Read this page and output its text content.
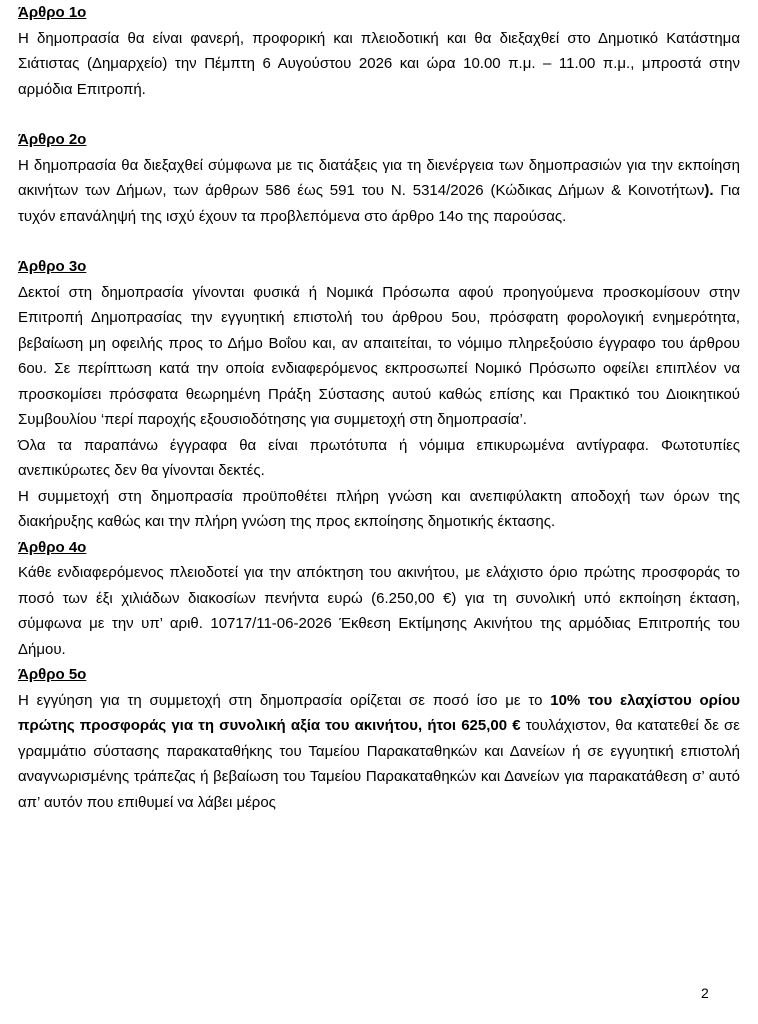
Άρθρο 1ο

Η δημοπρασία θα είναι φανερή, προφορική και πλειοδοτική και θα διεξαχθεί στο Δημοτικό Κατάστημα Σιάτιστας (Δημαρχείο) την Πέμπτη 6 Αυγούστου 2026 και ώρα 10.00 π.μ. – 11.00 π.μ., μπροστά στην αρμόδια Επιτροπή.

Άρθρο 2ο

Η δημοπρασία θα διεξαχθεί σύμφωνα με τις διατάξεις για τη διενέργεια των δημοπρασιών για την εκποίηση ακινήτων των Δήμων, των άρθρων 586 έως 591 του Ν. 5314/2026 (Κώδικας Δήμων & Κοινοτήτων). Για τυχόν επανάληψή της ισχύ έχουν τα προβλεπόμενα στο άρθρο 14ο της παρούσας.

Άρθρο 3ο

Δεκτοί στη δημοπρασία γίνονται φυσικά ή Νομικά Πρόσωπα αφού προηγούμενα προσκομίσουν στην Επιτροπή Δημοπρασίας την εγγυητική επιστολή του άρθρου 5ου, πρόσφατη φορολογική ενημερότητα, βεβαίωση μη οφειλής προς το Δήμο Βοΐου και, αν απαιτείται, το νόμιμο πληρεξούσιο έγγραφο του άρθρου 6ου. Σε περίπτωση κατά την οποία ενδιαφερόμενος εκπροσωπεί Νομικό Πρόσωπο οφείλει επιπλέον να προσκομίσει πρόσφατα θεωρημένη Πράξη Σύστασης αυτού καθώς επίσης και Πρακτικό του Διοικητικού Συμβουλίου ‘περί παροχής εξουσιοδότησης για συμμετοχή στη δημοπρασία’.

Όλα τα παραπάνω έγγραφα θα είναι πρωτότυπα ή νόμιμα επικυρωμένα αντίγραφα. Φωτοτυπίες ανεπικύρωτες δεν θα γίνονται δεκτές.

Η συμμετοχή στη δημοπρασία προϋποθέτει πλήρη γνώση και ανεπιφύλακτη αποδοχή των όρων της διακήρυξης καθώς και την πλήρη γνώση της προς εκποίησης δημοτικής έκτασης.

Άρθρο 4ο

Κάθε ενδιαφερόμενος πλειοδοτεί για την απόκτηση του ακινήτου, με ελάχιστο όριο πρώτης προσφοράς το ποσό των έξι χιλιάδων διακοσίων πενήντα ευρώ (6.250,00 €) για τη συνολική υπό εκποίηση έκταση, σύμφωνα με την υπ’ αριθ. 10717/11-06-2026 Έκθεση Εκτίμησης Ακινήτου της αρμόδιας Επιτροπής του Δήμου.

Άρθρο 5ο

Η εγγύηση για τη συμμετοχή στη δημοπρασία ορίζεται σε ποσό ίσο με το 10% του ελαχίστου ορίου πρώτης προσφοράς για τη συνολική αξία του ακινήτου, ήτοι 625,00 € τουλάχιστον, θα κατατεθεί δε σε γραμμάτιο σύστασης παρακαταθήκης του Ταμείου Παρακαταθηκών και Δανείων ή σε εγγυητική επιστολή αναγνωρισμένης τράπεζας ή βεβαίωση του Ταμείου Παρακαταθηκών και Δανείων για παρακατάθεση σ’ αυτό απ’ αυτόν που επιθυμεί να λάβει μέρος

2
